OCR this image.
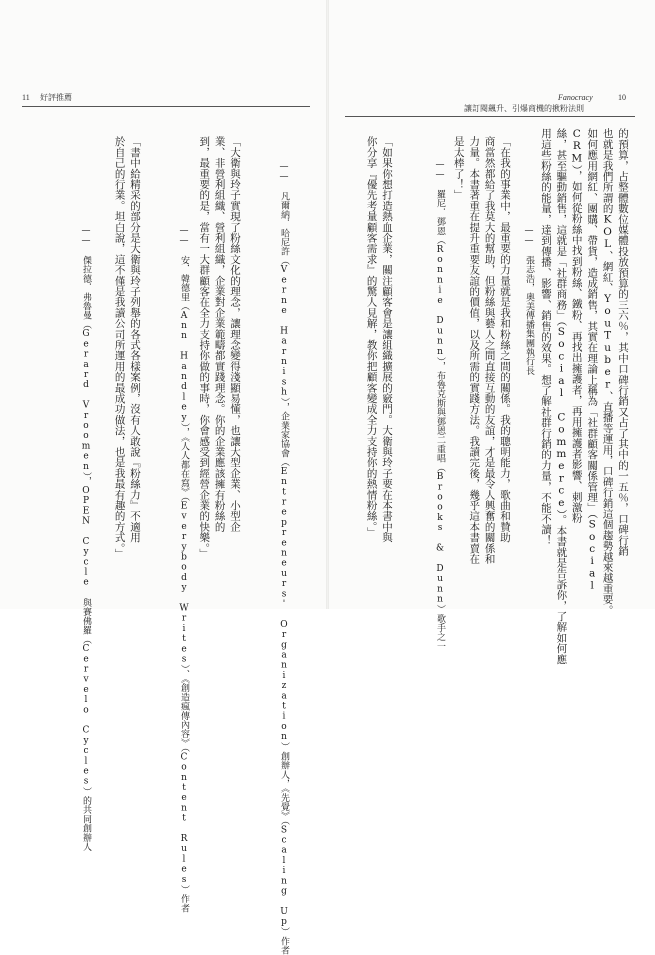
11 好評推薦	Fanocracy	10
讓訂閱飆升、引爆商機的揪粉法則
的預算，占整體數位媒體投放預算的三六％，其中口碑行銷又占了其中的一五％，口碑行銷
也就是我們所謂的KOL、網紅、YouTuber、直播等運用，口碑行銷這個趨勢越來越重要。
如何應用網紅、團購、帶貨，造成銷售，其實在理論上稱為「社群顧客關係管理」（Social
CRM），如何從粉絲中找到粉絲、鐵粉、再找出擁護者，再用擁護者影響、刺激粉
絲，甚至驅動銷售，這就是「社群商務」（Social Commerce）。本書就是告訴你，了解如何應
用這些粉絲的能量，達到傳播、影響、銷售的效果。想了解社群行銷的力量，不能不讀！
——　張志浩，奧美傳播集團執行長
「在我的事業中，最重要的力量就是我和粉絲之間的關係。我的聰明能力，歌曲和贊助
商當然都給了我莫大的幫助，但粉絲與藝人之間直接互動的友誼，才是最令人興奮的關係和
力量。本書著重在提升重要友誼的價值，以及所需的實踐方法。我讀完後，幾乎這本書賣在
是太棒了！」
——　羅尼．鄧恩（Ronnie Dunn），布魯克斯與鄧恩二重唱（Brooks & Dunn）歌手之一
「如果你想打造熱血企業，關注顧客會是讓組織擴展的竅門。大衛與玲子要在本書中與
你分享『優先考量顧客需求』的驚人見解，教你把顧客變成全力支持你的熱情粉絲。」
——　凡爾納．哈尼許（Verne Harnish），企業家協會（Entrepreneurs' Organization）創辦人，《先覺》（Scaling Up）作者
「大衛與玲子實現了粉絲文化的理念，讓理念變得淺顯易懂，也讓大型企業、小型企
業、非營利組織、營利組織，企業對企業範疇都實踐理念。你的企業應該擁有粉絲的
到，最重要的是，當有一大群顧客在全力支持你做的事時，你會感受到經營企業的快樂。」
——　安．韓德里（Ann Handley），《人人都在寫》（Everybody Writes）、《創造瘋傳內容》（Content Rules）作者
「書中給精采的部分是大衛與玲子列舉的各式各樣案例，沒有人敢說『粉絲力』不適用
於自己的行業。坦白說，這不僅是我讀公司所運用的最成功做法，也是我最有趣的方式。」
——　傑拉德．弗魯曼（Gerard Vroomen），OPEN Cycle 與賽佛羅（Cervelo Cycles）的共同創辦人
